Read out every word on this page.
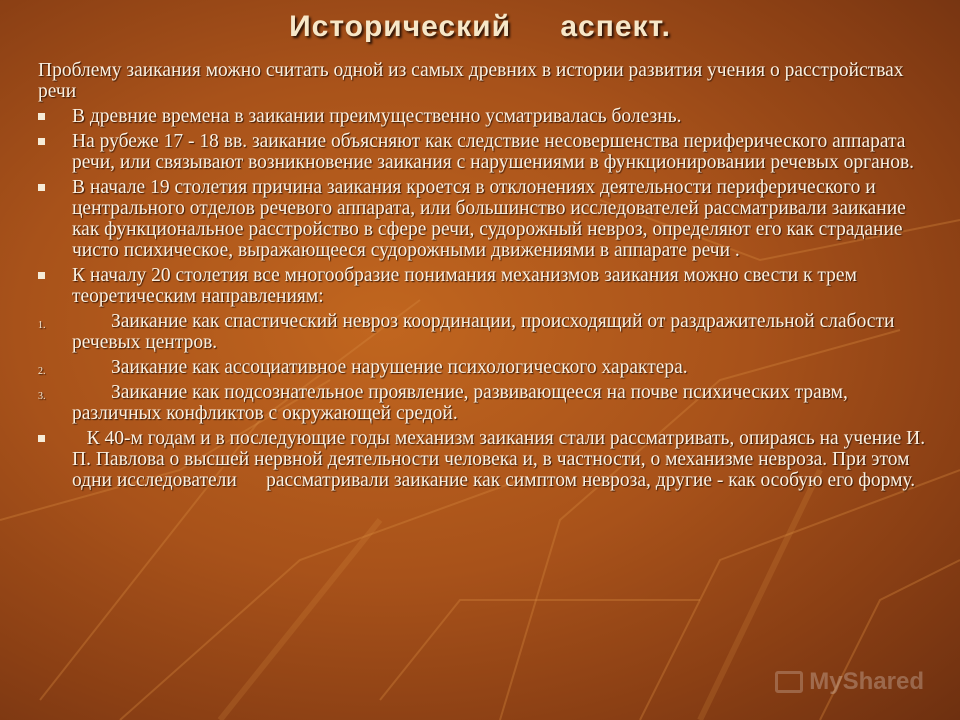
Исторический аспект.

Проблему заикания можно считать одной из самых древних в истории развития учения о расстройствах речи

В древние времена в заикании преимущественно усматривалась болезнь.
На рубеже 17 - 18 вв. заикание объясняют как следствие несовершенства периферического аппарата речи, или связывают возникновение заикания с нарушениями в функционировании речевых органов.
В начале 19 столетия причина заикания кроется в отклонениях деятельности периферического и центрального отделов речевого аппарата, или большинство исследователей рассматривали заикание как функциональное расстройство в сфере речи, судорожный невроз, определяют его как страдание чисто психическое, выражающееся судорожными движениями в аппарате речи .
К началу 20 столетия все многообразие понимания механизмов заикания можно свести к трем теоретическим направлениям:
1. Заикание как спастический невроз координации, происходящий от раздражительной слабости речевых центров.
2. Заикание как ассоциативное нарушение психологического характера.
3. Заикание как подсознательное проявление, развивающееся на почве психических травм, различных конфликтов с окружающей средой.
К 40-м годам и в последующие годы механизм заикания стали рассматривать, опираясь на учение И. П. Павлова о высшей нервной деятельности человека и, в частности, о механизме невроза. При этом одни исследователи      рассматривали заикание как симптом невроза, другие - как особую его форму.
MyShared
